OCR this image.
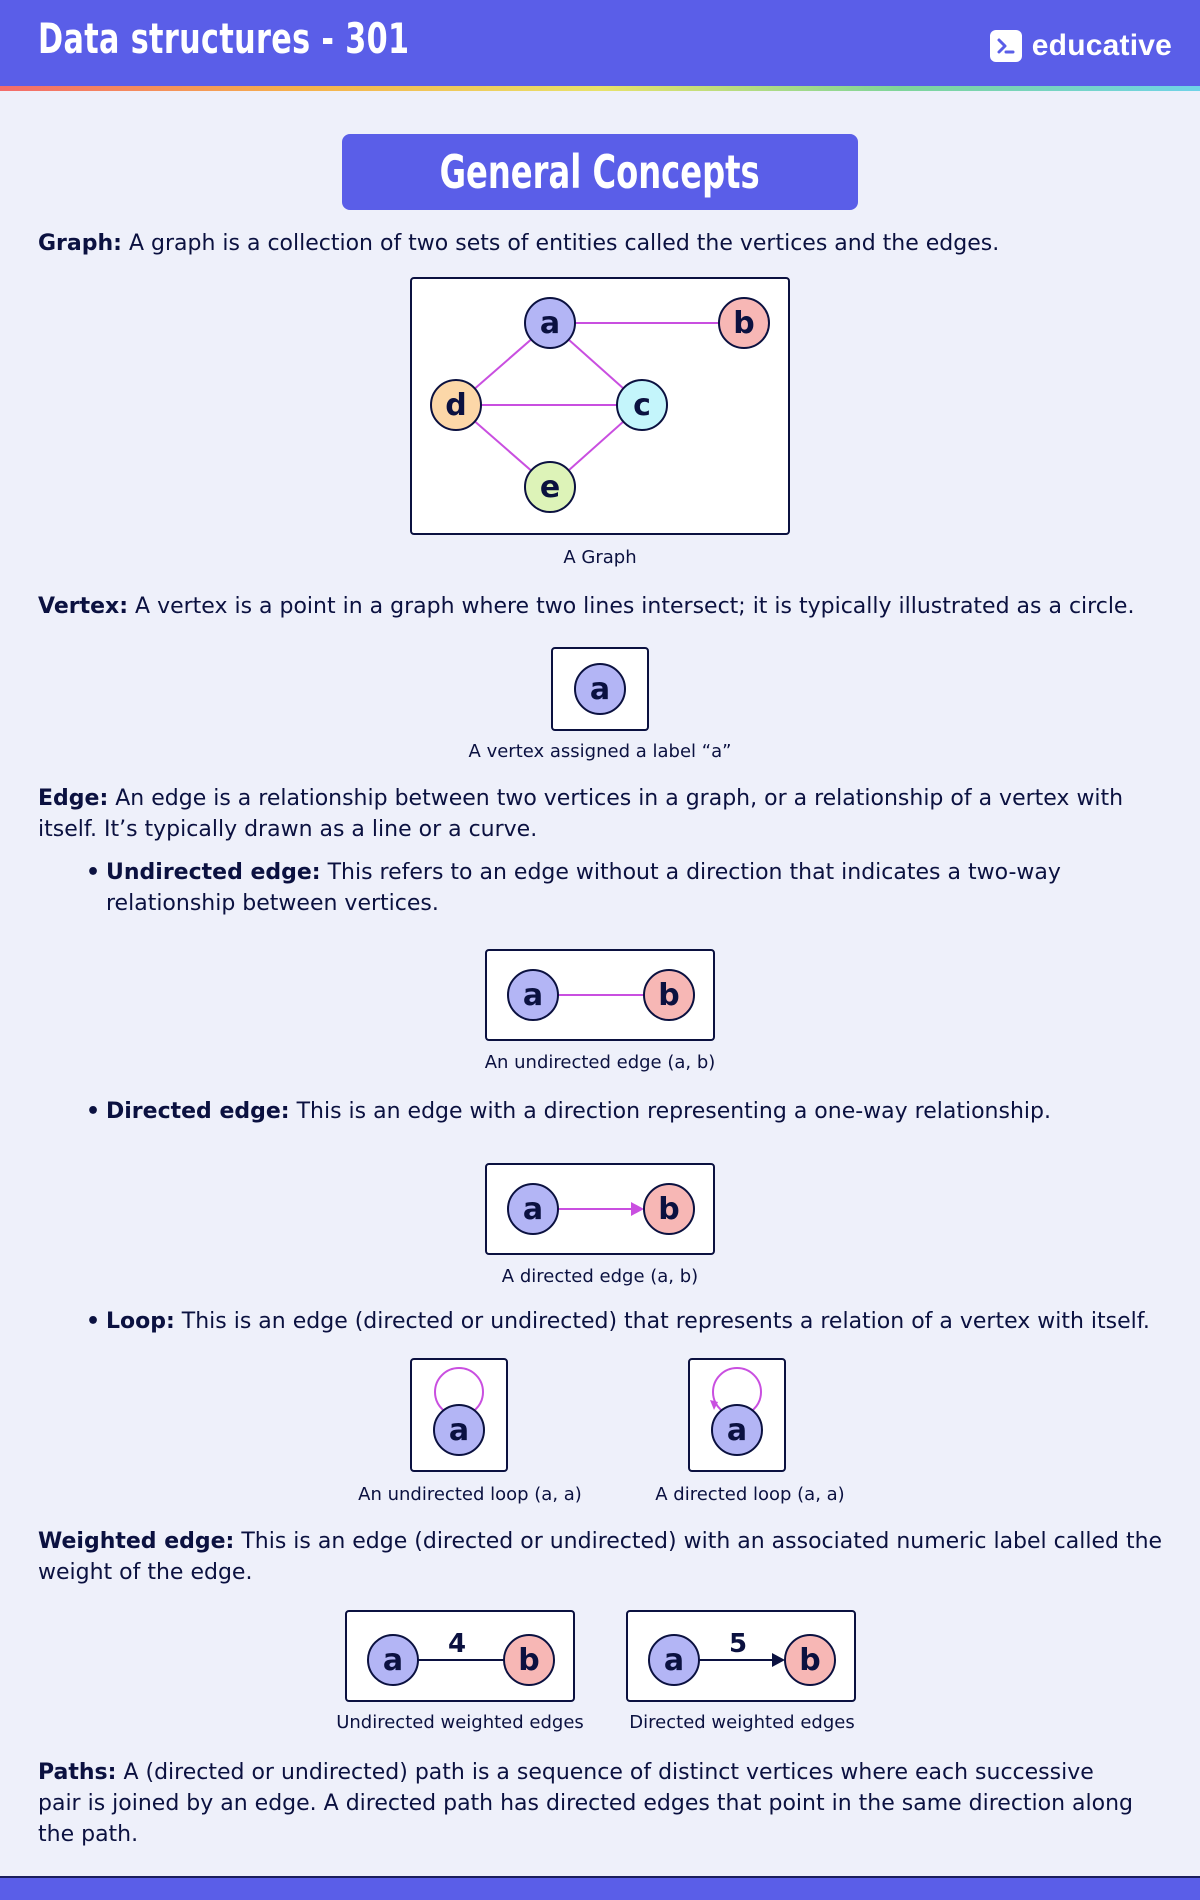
Data structures - 301	educative
General Concepts
Graph: A graph is a collection of two sets of entities called the vertices and the edges.
a	b
c
d
e
A Graph
Vertex: A vertex is a point in a graph where two lines intersect; it is typically illustrated as a circle.
a
A vertex assigned a label “a”
Edge: An edge is a relationship between two vertices in a graph, or a relationship of a vertex with itself. It’s typically drawn as a line or a curve.
• Undirected edge: This refers to an edge without a direction that indicates a two-way relationship between vertices.
a	b
An undirected edge (a, b)
• Directed edge: This is an edge with a direction representing a one-way relationship.
a	b
A directed edge (a, b)
• Loop: This is an edge (directed or undirected) that represents a relation of a vertex with itself.
a	a
An undirected loop (a, a)	A directed loop (a, a)
Weighted edge: This is an edge (directed or undirected) with an associated numeric label called the weight of the edge.
4
a	b	5
a	b
Undirected weighted edges	Directed weighted edges
Paths: A (directed or undirected) path is a sequence of distinct vertices where each successive pair is joined by an edge. A directed path has directed edges that point in the same direction along the path.
